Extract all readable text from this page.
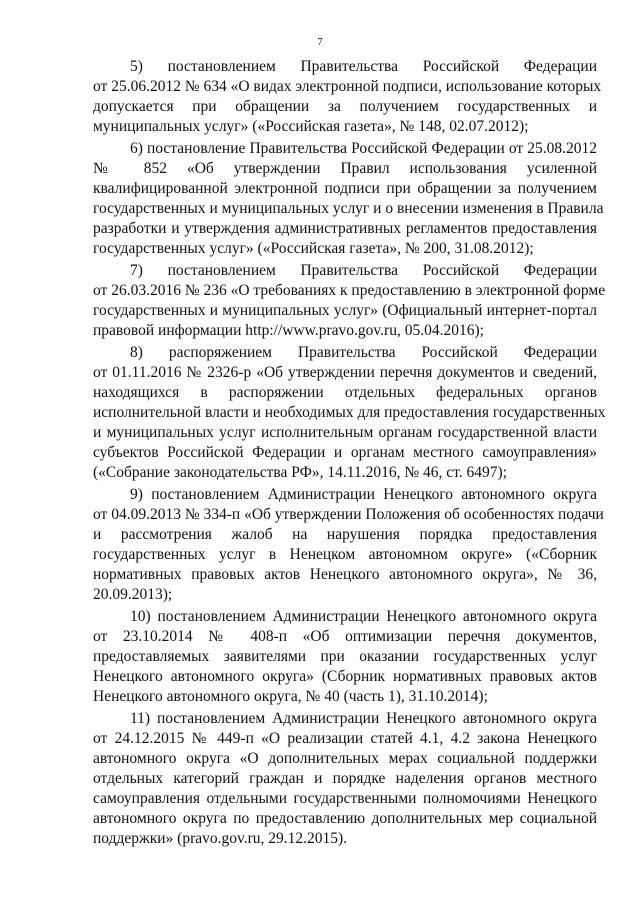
7
5) постановлением Правительства Российской Федерации
от 25.06.2012 № 634 «О видах электронной подписи, использование которых
допускается при обращении за получением государственных и
муниципальных услуг» («Российская газета», № 148, 02.07.2012);
6) постановление Правительства Российской Федерации от 25.08.2012
№ 852 «Об утверждении Правил использования усиленной
квалифицированной электронной подписи при обращении за получением
государственных и муниципальных услуг и о внесении изменения в Правила
разработки и утверждения административных регламентов предоставления
государственных услуг» («Российская газета», № 200, 31.08.2012);
7) постановлением Правительства Российской Федерации
от 26.03.2016 № 236 «О требованиях к предоставлению в электронной форме
государственных и муниципальных услуг» (Официальный интернет-портал
правовой информации http://www.pravo.gov.ru, 05.04.2016);
8) распоряжением Правительства Российской Федерации
от 01.11.2016 № 2326-р «Об утверждении перечня документов и сведений,
находящихся в распоряжении отдельных федеральных органов
исполнительной власти и необходимых для предоставления государственных
и муниципальных услуг исполнительным органам государственной власти
субъектов Российской Федерации и органам местного самоуправления»
(«Собрание законодательства РФ», 14.11.2016, № 46, ст. 6497);
9) постановлением Администрации Ненецкого автономного округа
от 04.09.2013 № 334-п «Об утверждении Положения об особенностях подачи
и рассмотрения жалоб на нарушения порядка предоставления
государственных услуг в Ненецком автономном округе» («Сборник
нормативных правовых актов Ненецкого автономного округа», № 36,
20.09.2013);
10) постановлением Администрации Ненецкого автономного округа
от 23.10.2014 № 408-п «Об оптимизации перечня документов,
предоставляемых заявителями при оказании государственных услуг
Ненецкого автономного округа» (Сборник нормативных правовых актов
Ненецкого автономного округа, № 40 (часть 1), 31.10.2014);
11) постановлением Администрации Ненецкого автономного округа
от 24.12.2015 № 449-п «О реализации статей 4.1, 4.2 закона Ненецкого
автономного округа «О дополнительных мерах социальной поддержки
отдельных категорий граждан и порядке наделения органов местного
самоуправления отдельными государственными полномочиями Ненецкого
автономного округа по предоставлению дополнительных мер социальной
поддержки» (pravo.gov.ru, 29.12.2015).
